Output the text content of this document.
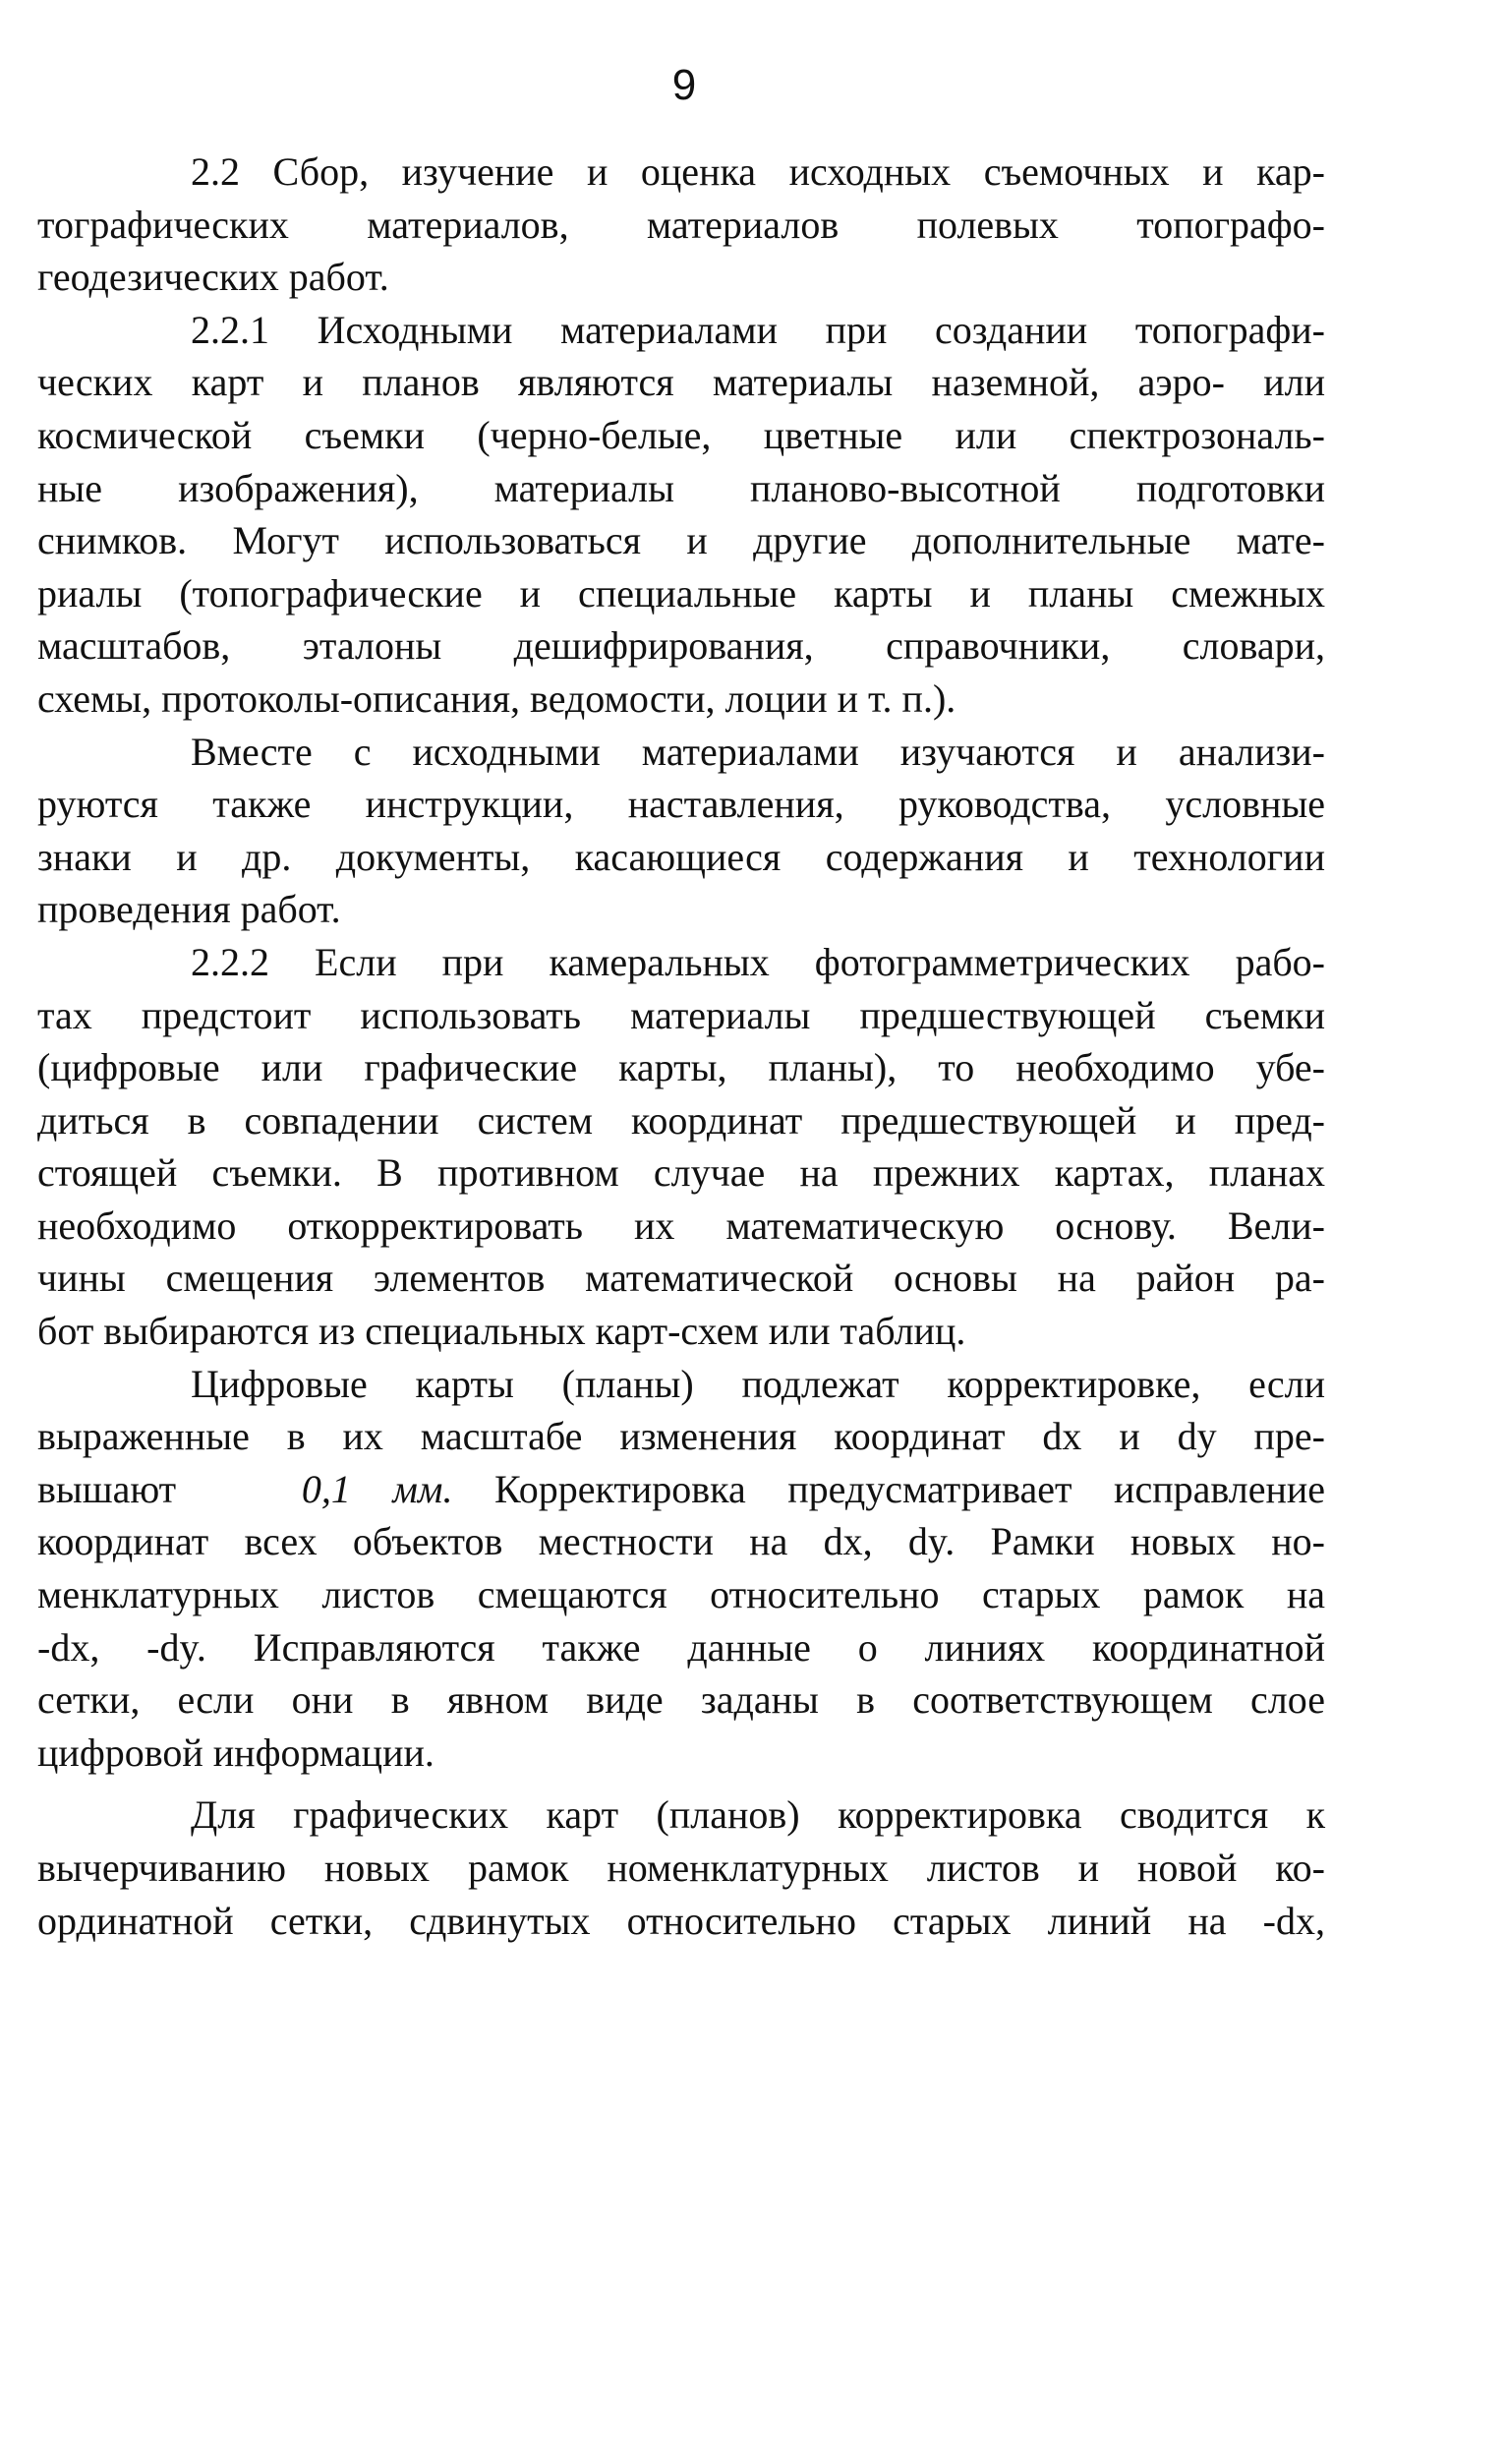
9
2.2 Сбор, изучение и оценка исходных съемочных и кар-
тографических материалов, материалов полевых топографо-
геодезических работ.
2.2.1 Исходными материалами при создании топографи-
ческих карт и планов являются материалы наземной, аэро- или
космической съемки (черно-белые, цветные или спектрозональ-
ные изображения), материалы планово-высотной подготовки
снимков. Могут использоваться и другие дополнительные мате-
риалы (топографические и специальные карты и планы смежных
масштабов, эталоны дешифрирования, справочники, словари,
схемы, протоколы-описания, ведомости, лоции и т. п.).
Вместе с исходными материалами изучаются и анализи-
руются также инструкции, наставления, руководства, условные
знаки и др. документы, касающиеся содержания и технологии
проведения работ.
2.2.2 Если при камеральных фотограмметрических рабо-
тах предстоит использовать материалы предшествующей съемки
(цифровые или графические карты, планы), то необходимо убе-
диться в совпадении систем координат предшествующей и пред-
стоящей съемки. В противном случае на прежних картах, планах
необходимо откорректировать их математическую основу. Вели-
чины смещения элементов математической основы на район ра-
бот выбираются из специальных карт-схем или таблиц.
Цифровые карты (планы) подлежат корректировке, если
выраженные в их масштабе изменения координат dx и dy пре-
вышают	0,1 мм. Корректировка предусматривает исправление
координат всех объектов местности на dx, dy. Рамки новых но-
менклатурных листов смещаются относительно старых рамок на
-dx, -dy. Исправляются также данные о линиях координатной
сетки, если они в явном виде заданы в соответствующем слое
цифровой информации.
Для графических карт (планов) корректировка сводится к
вычерчиванию новых рамок номенклатурных листов и новой ко-
ординатной сетки, сдвинутых относительно старых линий на -dx,
